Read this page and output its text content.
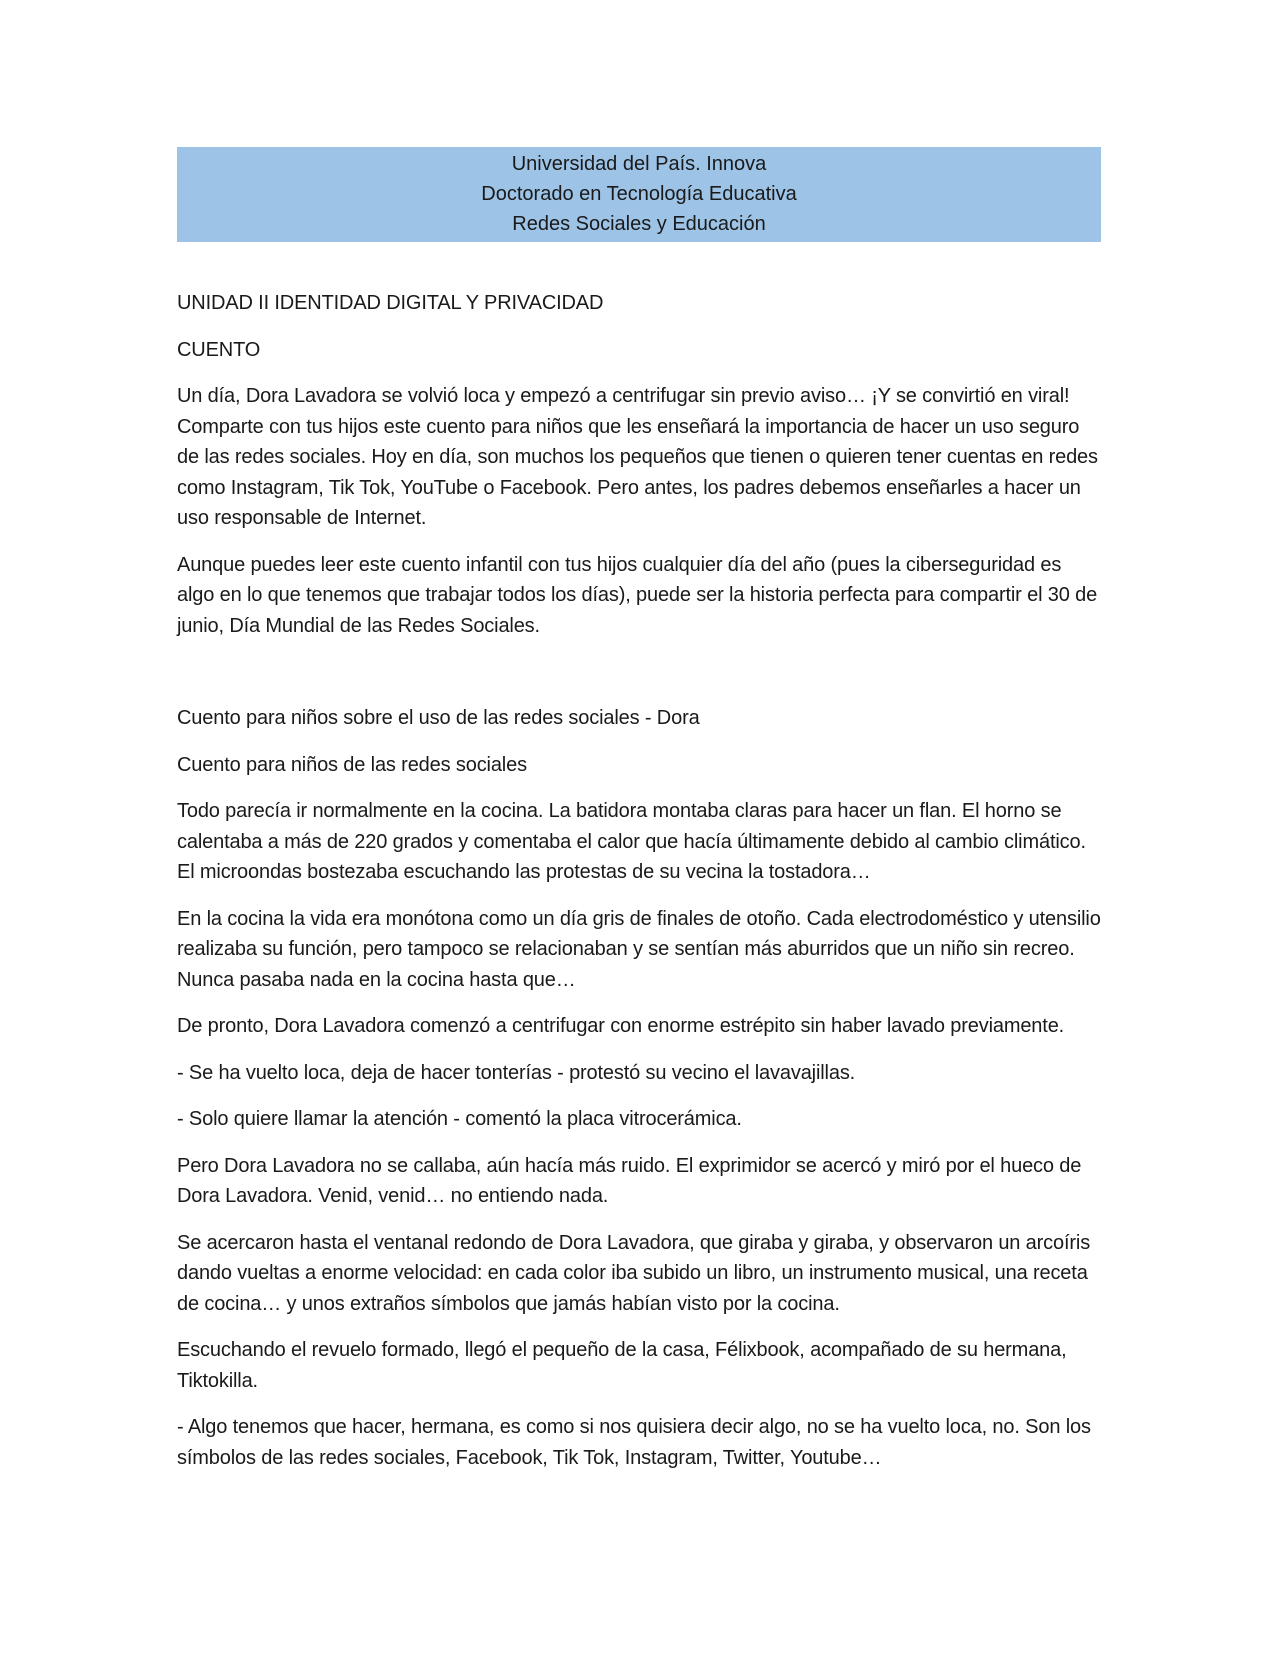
Universidad del País. Innova
Doctorado en Tecnología Educativa
Redes Sociales y Educación

UNIDAD II IDENTIDAD DIGITAL Y PRIVACIDAD

CUENTO

Un día, Dora Lavadora se volvió loca y empezó a centrifugar sin previo aviso… ¡Y se convirtió en viral! Comparte con tus hijos este cuento para niños que les enseñará la importancia de hacer un uso seguro de las redes sociales. Hoy en día, son muchos los pequeños que tienen o quieren tener cuentas en redes como Instagram, Tik Tok, YouTube o Facebook. Pero antes, los padres debemos enseñarles a hacer un uso responsable de Internet.

Aunque puedes leer este cuento infantil con tus hijos cualquier día del año (pues la ciberseguridad es algo en lo que tenemos que trabajar todos los días), puede ser la historia perfecta para compartir el 30 de junio, Día Mundial de las Redes Sociales.

Cuento para niños sobre el uso de las redes sociales - Dora

Cuento para niños de las redes sociales

Todo parecía ir normalmente en la cocina. La batidora montaba claras para hacer un flan. El horno se calentaba a más de 220 grados y comentaba el calor que hacía últimamente debido al cambio climático. El microondas bostezaba escuchando las protestas de su vecina la tostadora…

En la cocina la vida era monótona como un día gris de finales de otoño. Cada electrodoméstico y utensilio realizaba su función, pero tampoco se relacionaban y se sentían más aburridos que un niño sin recreo. Nunca pasaba nada en la cocina hasta que…

De pronto, Dora Lavadora comenzó a centrifugar con enorme estrépito sin haber lavado previamente.

- Se ha vuelto loca, deja de hacer tonterías - protestó su vecino el lavavajillas.

- Solo quiere llamar la atención - comentó la placa vitrocerámica.

Pero Dora Lavadora no se callaba, aún hacía más ruido. El exprimidor se acercó y miró por el hueco de Dora Lavadora. Venid, venid… no entiendo nada.

Se acercaron hasta el ventanal redondo de Dora Lavadora, que giraba y giraba, y observaron un arcoíris dando vueltas a enorme velocidad: en cada color iba subido un libro, un instrumento musical, una receta de cocina… y unos extraños símbolos que jamás habían visto por la cocina.

Escuchando el revuelo formado, llegó el pequeño de la casa, Félixbook, acompañado de su hermana, Tiktokilla.

- Algo tenemos que hacer, hermana, es como si nos quisiera decir algo, no se ha vuelto loca, no. Son los símbolos de las redes sociales, Facebook, Tik Tok, Instagram, Twitter, Youtube…
